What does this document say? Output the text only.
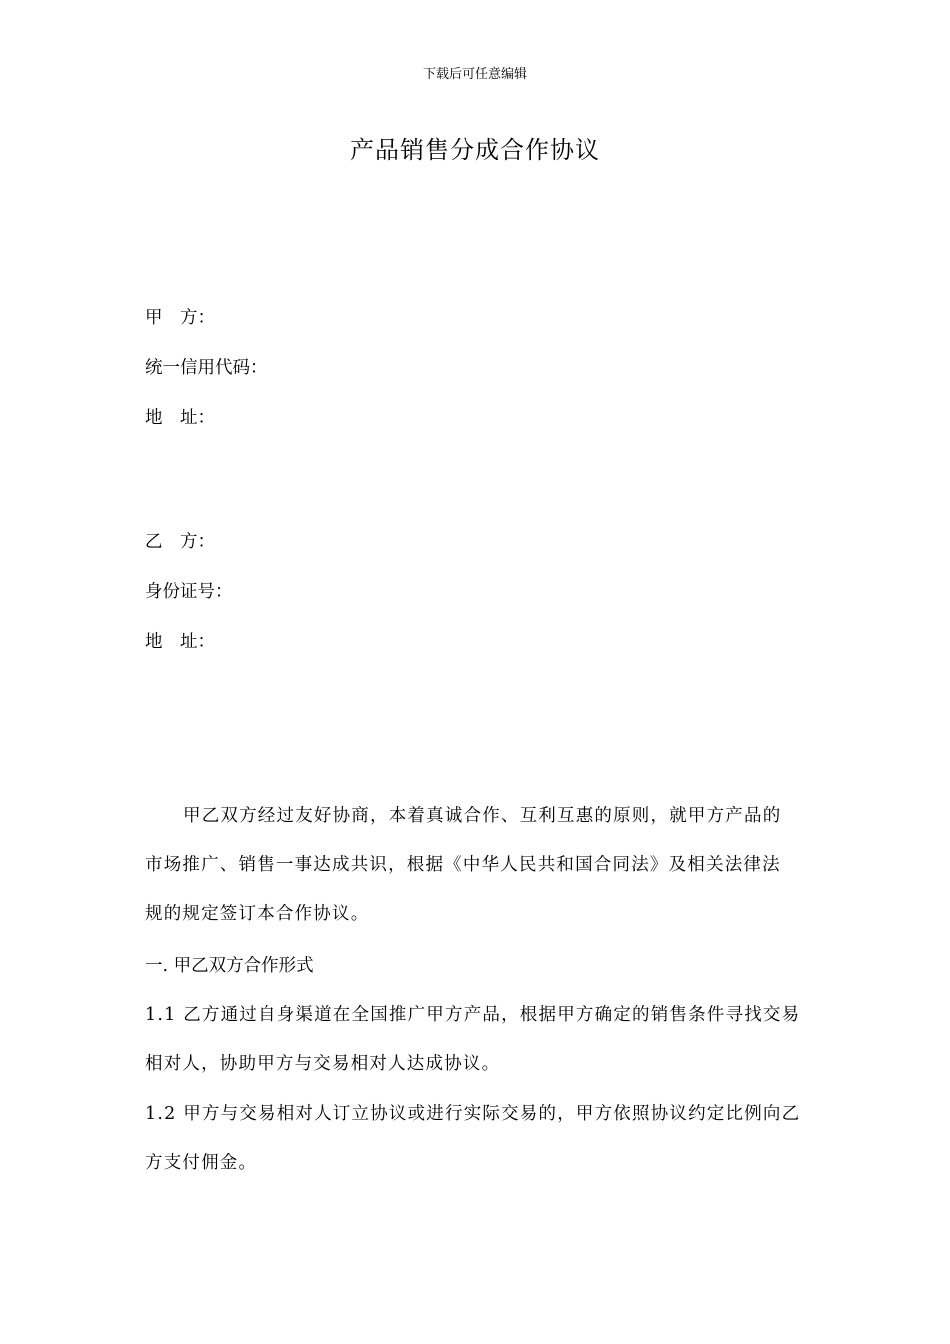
下载后可任意编辑
产品销售分成合作协议
甲　方：
统一信用代码：
地　址：
乙　方：
身份证号：
地　址：
甲乙双方经过友好协商，本着真诚合作、互利互惠的原则，就甲方产品的
市场推广、销售一事达成共识，根据《中华人民共和国合同法》及相关法律法
规的规定签订本合作协议。
一. 甲乙双方合作形式
1.1 乙方通过自身渠道在全国推广甲方产品，根据甲方确定的销售条件寻找交易
相对人，协助甲方与交易相对人达成协议。
1.2 甲方与交易相对人订立协议或进行实际交易的，甲方依照协议约定比例向乙
方支付佣金。
